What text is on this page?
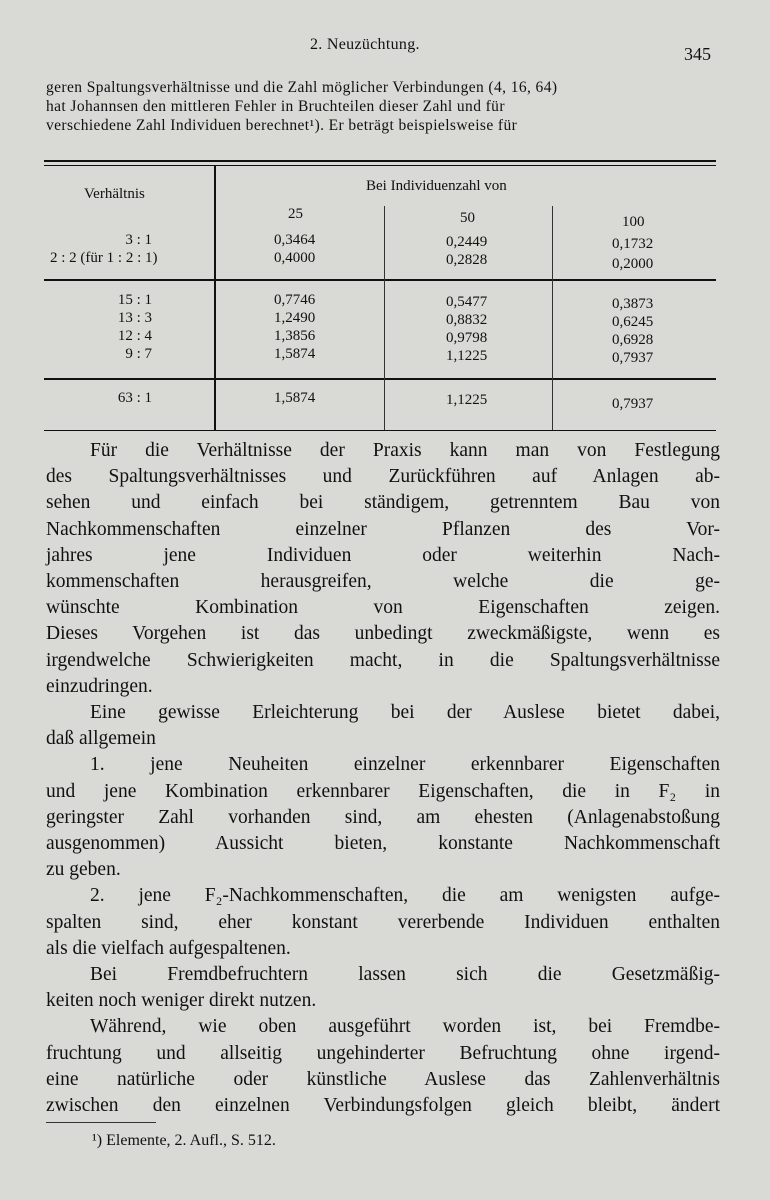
2. Neuzüchtung.	345
geren Spaltungsverhältnisse und die Zahl möglicher Verbindungen (4, 16, 64)
hat Johannsen den mittleren Fehler in Bruchteilen dieser Zahl und für
verschiedene Zahl Individuen berechnet¹). Er beträgt beispielsweise für
Verhältnis	Bei Individuenzahl von
25	50	100
3 : 1	0,3464	0,2449	0,1732
2 : 2 (für 1 : 2 : 1)	0,4000	0,2828	0,2000
15 : 1	0,7746	0,5477	0,3873
13 : 3	1,2490	0,8832	0,6245
12 : 4	1,3856	0,9798	0,6928
9 : 7	1,5874	1,1225	0,7937
63 : 1	1,5874	1,1225	0,7937
Für die Verhältnisse der Praxis kann man von Festlegung
des Spaltungsverhältnisses und Zurückführen auf Anlagen ab-
sehen und einfach bei ständigem, getrenntem Bau von
Nachkommenschaften einzelner Pflanzen des Vor-
jahres jene Individuen oder weiterhin Nach-
kommenschaften herausgreifen, welche die ge-
wünschte Kombination von Eigenschaften zeigen.
Dieses Vorgehen ist das unbedingt zweckmäßigste, wenn es
irgendwelche Schwierigkeiten macht, in die Spaltungsverhältnisse
einzudringen.
Eine gewisse Erleichterung bei der Auslese bietet dabei,
daß allgemein
1. jene Neuheiten einzelner erkennbarer Eigenschaften
und jene Kombination erkennbarer Eigenschaften, die in F₂ in
geringster Zahl vorhanden sind, am ehesten (Anlagenabstoßung
ausgenommen) Aussicht bieten, konstante Nachkommenschaft
zu geben.
2. jene F₂-Nachkommenschaften, die am wenigsten aufge-
spalten sind, eher konstant vererbende Individuen enthalten
als die vielfach aufgespaltenen.
Bei Fremdbefruchtern lassen sich die Gesetzmäßig-
keiten noch weniger direkt nutzen.
Während, wie oben ausgeführt worden ist, bei Fremdbe-
fruchtung und allseitig ungehinderter Befruchtung ohne irgend-
eine natürliche oder künstliche Auslese das Zahlenverhältnis
zwischen den einzelnen Verbindungsfolgen gleich bleibt, ändert
¹) Elemente, 2. Aufl., S. 512.
